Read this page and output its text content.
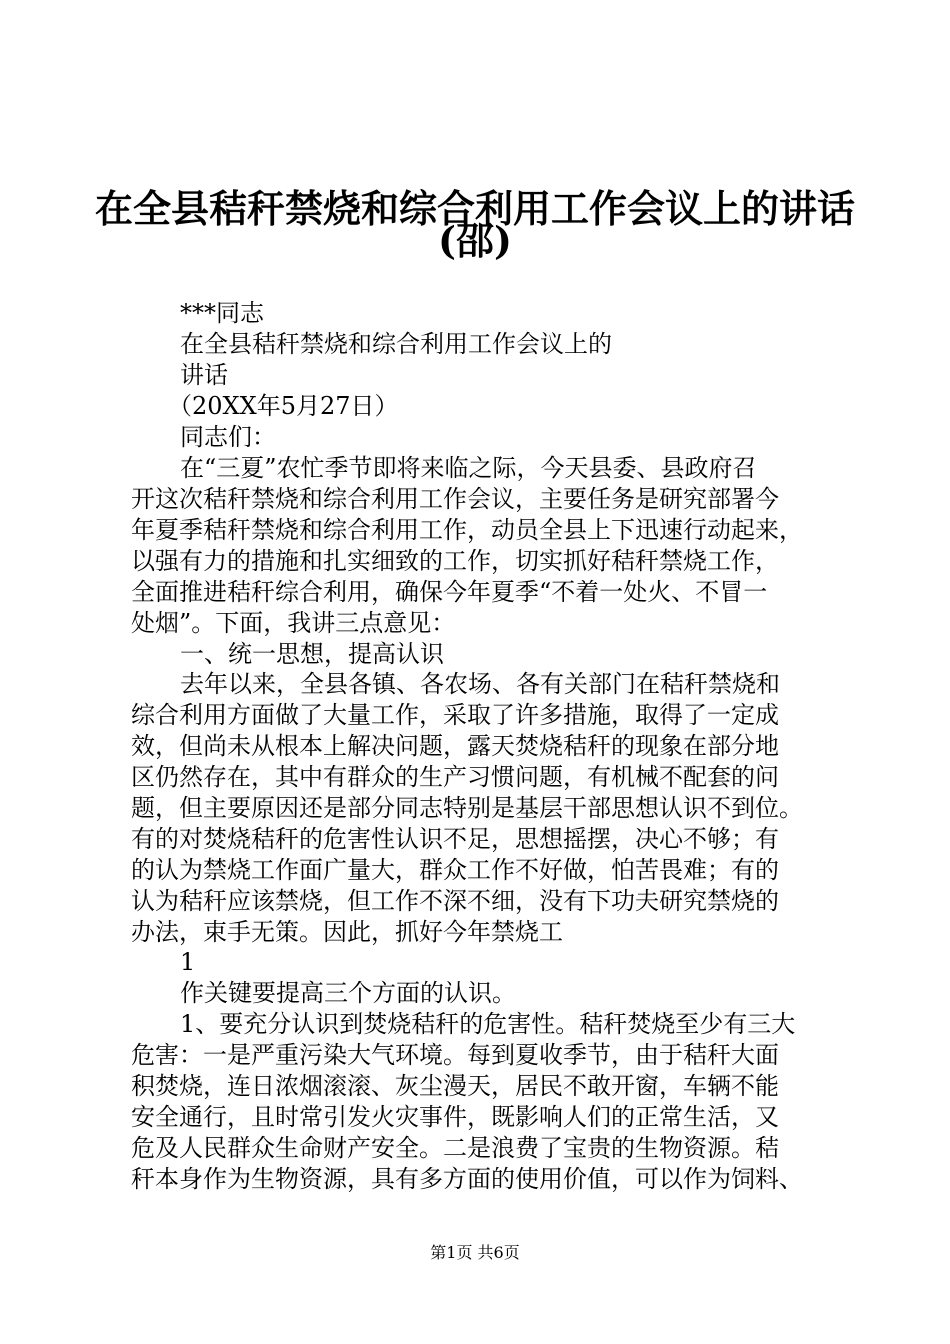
在全县秸秆禁烧和综合利用工作会议上的讲话
(邵)
***同志
在全县秸秆禁烧和综合利用工作会议上的
讲话
（20XX年5月27日）
同志们：
在“三夏”农忙季节即将来临之际，今天县委、县政府召
开这次秸秆禁烧和综合利用工作会议，主要任务是研究部署今
年夏季秸秆禁烧和综合利用工作，动员全县上下迅速行动起来，
以强有力的措施和扎实细致的工作，切实抓好秸秆禁烧工作，
全面推进秸秆综合利用，确保今年夏季“不着一处火、不冒一
处烟”。下面，我讲三点意见：
一、统一思想，提高认识
去年以来，全县各镇、各农场、各有关部门在秸秆禁烧和
综合利用方面做了大量工作，采取了许多措施，取得了一定成
效，但尚未从根本上解决问题，露天焚烧秸秆的现象在部分地
区仍然存在，其中有群众的生产习惯问题，有机械不配套的问
题，但主要原因还是部分同志特别是基层干部思想认识不到位。
有的对焚烧秸秆的危害性认识不足，思想摇摆，决心不够；有
的认为禁烧工作面广量大，群众工作不好做，怕苦畏难；有的
认为秸秆应该禁烧，但工作不深不细，没有下功夫研究禁烧的
办法，束手无策。因此，抓好今年禁烧工
1
作关键要提高三个方面的认识。
1、要充分认识到焚烧秸秆的危害性。秸秆焚烧至少有三大
危害：一是严重污染大气环境。每到夏收季节，由于秸秆大面
积焚烧，连日浓烟滚滚、灰尘漫天，居民不敢开窗，车辆不能
安全通行，且时常引发火灾事件，既影响人们的正常生活，又
危及人民群众生命财产安全。二是浪费了宝贵的生物资源。秸
秆本身作为生物资源，具有多方面的使用价值，可以作为饲料、
第1页 共6页
